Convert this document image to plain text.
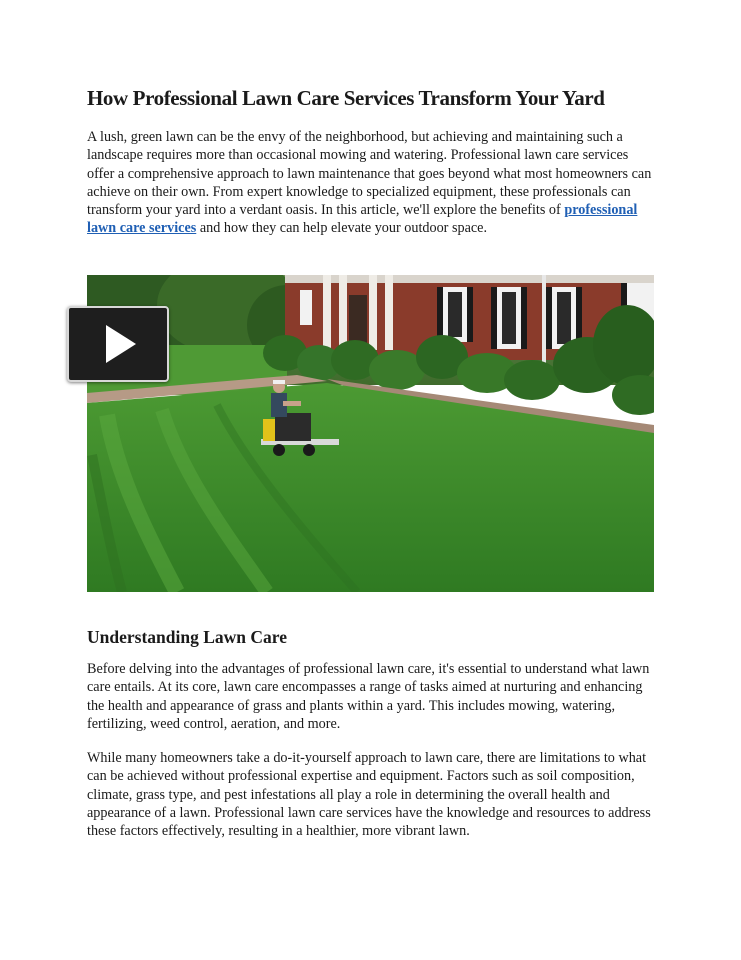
How Professional Lawn Care Services Transform Your Yard

A lush, green lawn can be the envy of the neighborhood, but achieving and maintaining such a landscape requires more than occasional mowing and watering. Professional lawn care services offer a comprehensive approach to lawn maintenance that goes beyond what most homeowners can achieve on their own. From expert knowledge to specialized equipment, these professionals can transform your yard into a verdant oasis. In this article, we'll explore the benefits of professional lawn care services and how they can help elevate your outdoor space.

Understanding Lawn Care

Before delving into the advantages of professional lawn care, it's essential to understand what lawn care entails. At its core, lawn care encompasses a range of tasks aimed at nurturing and enhancing the health and appearance of grass and plants within a yard. This includes mowing, watering, fertilizing, weed control, aeration, and more.

While many homeowners take a do-it-yourself approach to lawn care, there are limitations to what can be achieved without professional expertise and equipment. Factors such as soil composition, climate, grass type, and pest infestations all play a role in determining the overall health and appearance of a lawn. Professional lawn care services have the knowledge and resources to address these factors effectively, resulting in a healthier, more vibrant lawn.
